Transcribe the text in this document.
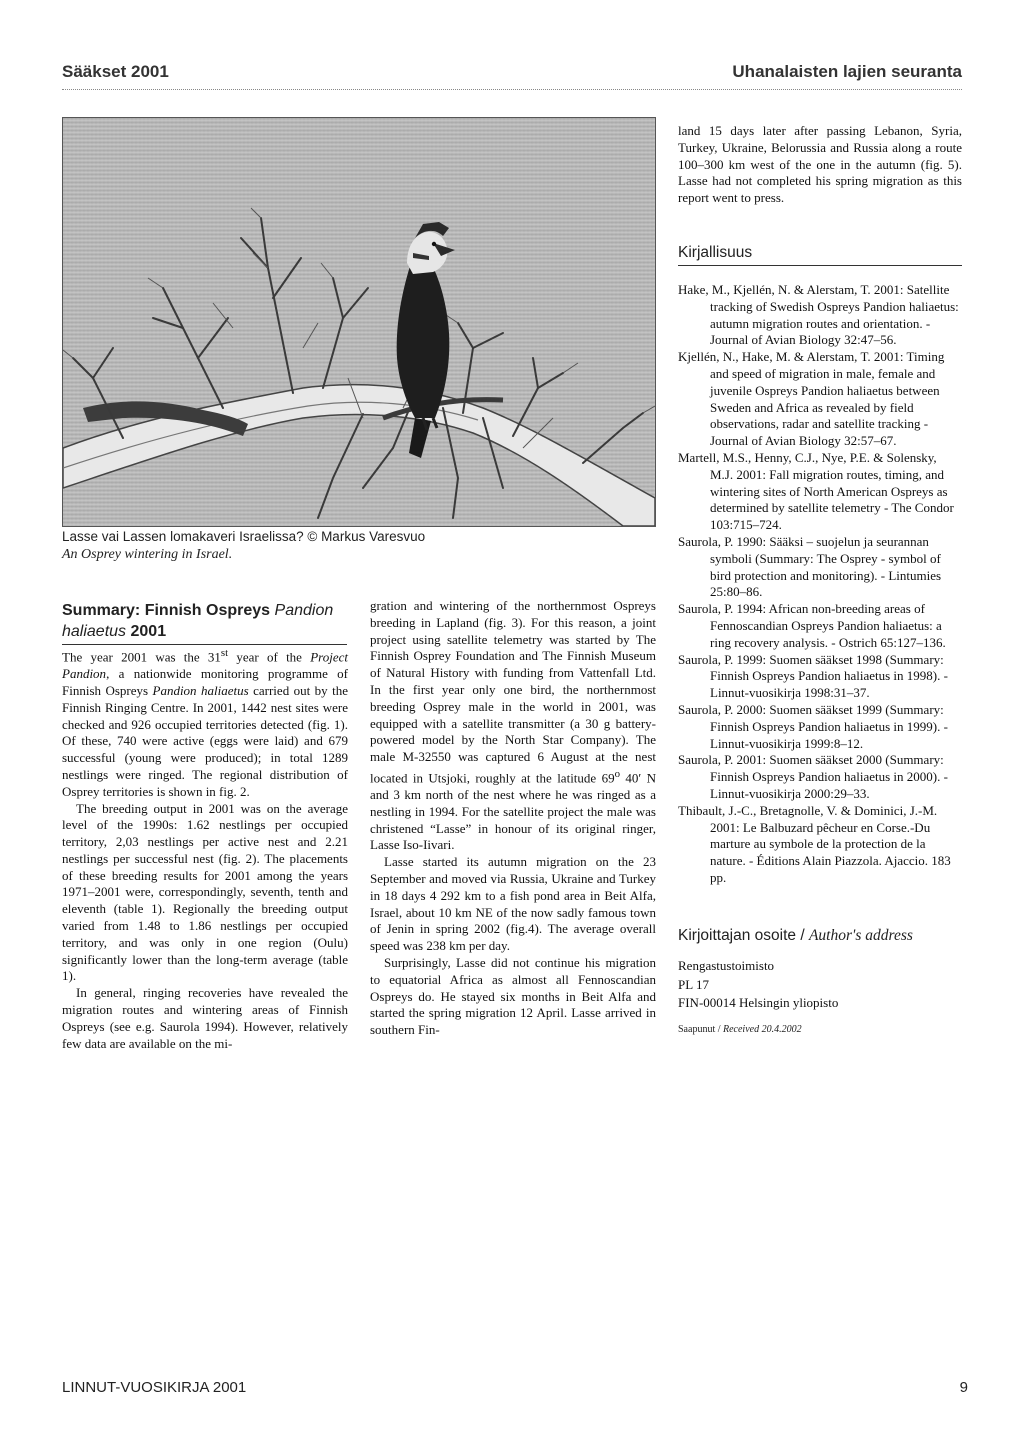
Sääkset 2001	Uhanalaisten lajien seuranta
Lasse vai Lassen lomakaveri Israelissa? © Markus Varesvuo
An Osprey wintering in Israel.
Summary: Finnish Ospreys Pandion haliaetus 2001

The year 2001 was the 31st year of the Project Pandion, a nationwide monitoring programme of Finnish Ospreys Pandion haliaetus carried out by the Finnish Ringing Centre. In 2001, 1442 nest sites were checked and 926 occupied territories detected (fig. 1). Of these, 740 were active (eggs were laid) and 679 successful (young were produced); in total 1289 nestlings were ringed. The regional distribution of Osprey territories is shown in fig. 2.

The breeding output in 2001 was on the average level of the 1990s: 1.62 nestlings per occupied territory, 2,03 nestlings per active nest and 2.21 nestlings per successful nest (fig. 2). The placements of these breeding results for 2001 among the years 1971–2001 were, correspondingly, seventh, tenth and eleventh (table 1). Regionally the breeding output varied from 1.48 to 1.86 nestlings per occupied territory, and was only in one region (Oulu) significantly lower than the long-term average (table 1).

In general, ringing recoveries have revealed the migration routes and wintering areas of Finnish Ospreys (see e.g. Saurola 1994). However, relatively few data are available on the mi-

gration and wintering of the northernmost Ospreys breeding in Lapland (fig. 3). For this reason, a joint project using satellite telemetry was started by The Finnish Osprey Foundation and The Finnish Museum of Natural History with funding from Vattenfall Ltd. In the first year only one bird, the northernmost breeding Osprey male in the world in 2001, was equipped with a satellite transmitter (a 30 g battery-powered model by the North Star Company). The male M-32550 was captured 6 August at the nest located in Utsjoki, roughly at the latitude 69$^o$ 40′ N and 3 km north of the nest where he was ringed as a nestling in 1994. For the satellite project the male was christened “Lasse” in honour of its original ringer, Lasse Iso-Iivari.

Lasse started its autumn migration on the 23 September and moved via Russia, Ukraine and Turkey in 18 days 4 292 km to a fish pond area in Beit Alfa, Israel, about 10 km NE of the now sadly famous town of Jenin in spring 2002 (fig.4). The average overall speed was 238 km per day.

Surprisingly, Lasse did not continue his migration to equatorial Africa as almost all Fennoscandian Ospreys do. He stayed six months in Beit Alfa and started the spring migration 12 April. Lasse arrived in southern Fin-

land 15 days later after passing Lebanon, Syria, Turkey, Ukraine, Belorussia and Russia along a route 100–300 km west of the one in the autumn (fig. 5). Lasse had not completed his spring migration as this report went to press.

Kirjallisuus

Hake, M., Kjellén, N. & Alerstam, T. 2001: Satellite tracking of Swedish Ospreys Pandion haliaetus: autumn migration routes and orientation. - Journal of Avian Biology 32:47–56.

Kjellén, N., Hake, M. & Alerstam, T. 2001: Timing and speed of migration in male, female and juvenile Ospreys Pandion haliaetus between Sweden and Africa as revealed by field observations, radar and satellite tracking - Journal of Avian Biology 32:57–67.

Martell, M.S., Henny, C.J., Nye, P.E. & Solensky, M.J. 2001: Fall migration routes, timing, and wintering sites of North American Ospreys as determined by satellite telemetry - The Condor 103:715–724.

Saurola, P. 1990: Sääksi – suojelun ja seurannan symboli (Summary: The Osprey - symbol of bird protection and monitoring). - Lintumies 25:80–86.

Saurola, P. 1994: African non-breeding areas of Fennoscandian Ospreys Pandion haliaetus: a ring recovery analysis. - Ostrich 65:127–136.

Saurola, P. 1999: Suomen sääkset 1998 (Summary: Finnish Ospreys Pandion haliaetus in 1998). - Linnut-vuosikirja 1998:31–37.

Saurola, P. 2000: Suomen sääkset 1999 (Summary: Finnish Ospreys Pandion haliaetus in 1999). - Linnut-vuosikirja 1999:8–12.

Saurola, P. 2001: Suomen sääkset 2000 (Summary: Finnish Ospreys Pandion haliaetus in 2000). - Linnut-vuosikirja 2000:29–33.

Thibault, J.-C., Bretagnolle, V. & Dominici, J.-M. 2001: Le Balbuzard pêcheur en Corse.-Du marture au symbole de la protection de la nature. - Éditions Alain Piazzola. Ajaccio. 183 pp.

Kirjoittajan osoite / Author's address
Rengastustoimisto
PL 17
FIN-00014 Helsingin yliopisto
Saapunut / Received 20.4.2002
LINNUT-VUOSIKIRJA 2001	9
